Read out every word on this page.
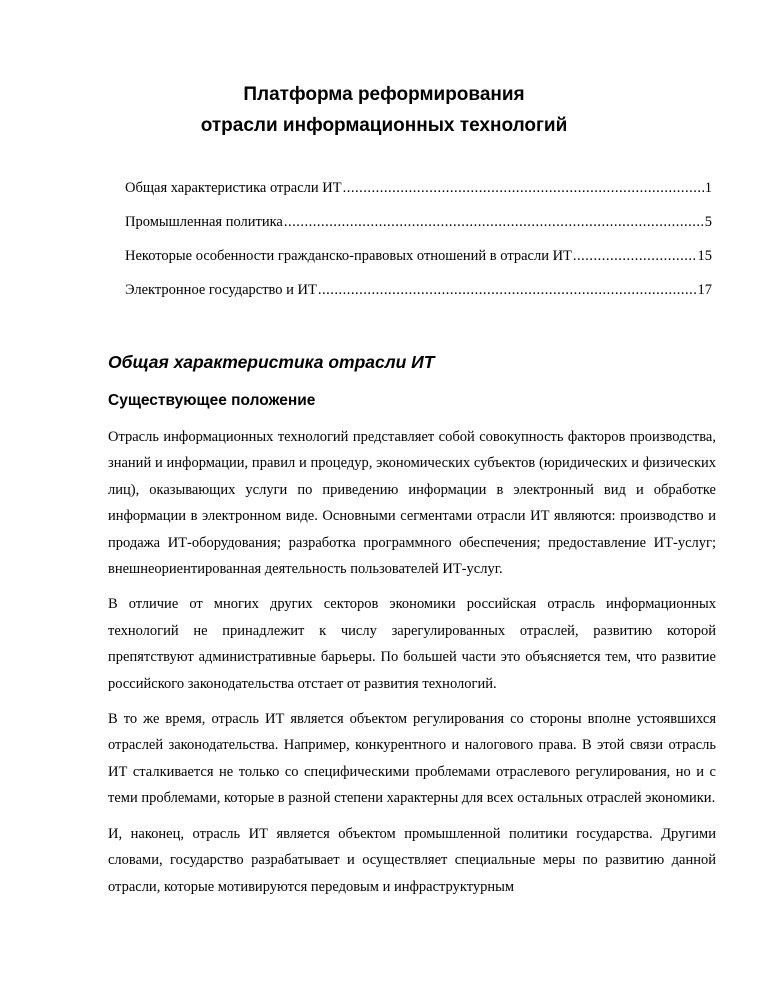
Платформа реформирования
отрасли информационных технологий
Общая характеристика отрасли ИТ .....	1
Промышленная политика .....	5
Некоторые особенности гражданско-правовых отношений в отрасли ИТ .....	15
Электронное государство и ИТ .....	17
Общая характеристика отрасли ИТ
Существующее положение

Отрасль информационных технологий представляет собой совокупность факторов производства, знаний и информации, правил и процедур, экономических субъектов (юридических и физических лиц), оказывающих услуги по приведению информации в электронный вид и обработке информации в электронном виде. Основными сегментами отрасли ИТ являются: производство и продажа ИТ-оборудования; разработка программного обеспечения; предоставление ИТ-услуг; внешнеориентированная деятельность пользователей ИТ-услуг.

В отличие от многих других секторов экономики российская отрасль информационных технологий не принадлежит к числу зарегулированных отраслей, развитию которой препятствуют административные барьеры. По большей части это объясняется тем, что развитие российского законодательства отстает от развития технологий.

В то же время, отрасль ИТ является объектом регулирования со стороны вполне устоявшихся отраслей законодательства. Например, конкурентного и налогового права. В этой связи отрасль ИТ сталкивается не только со специфическими проблемами отраслевого регулирования, но и с теми проблемами, которые в разной степени характерны для всех остальных отраслей экономики.

И, наконец, отрасль ИТ является объектом промышленной политики государства. Другими словами, государство разрабатывает и осуществляет специальные меры по развитию данной отрасли, которые мотивируются передовым и инфраструктурным
